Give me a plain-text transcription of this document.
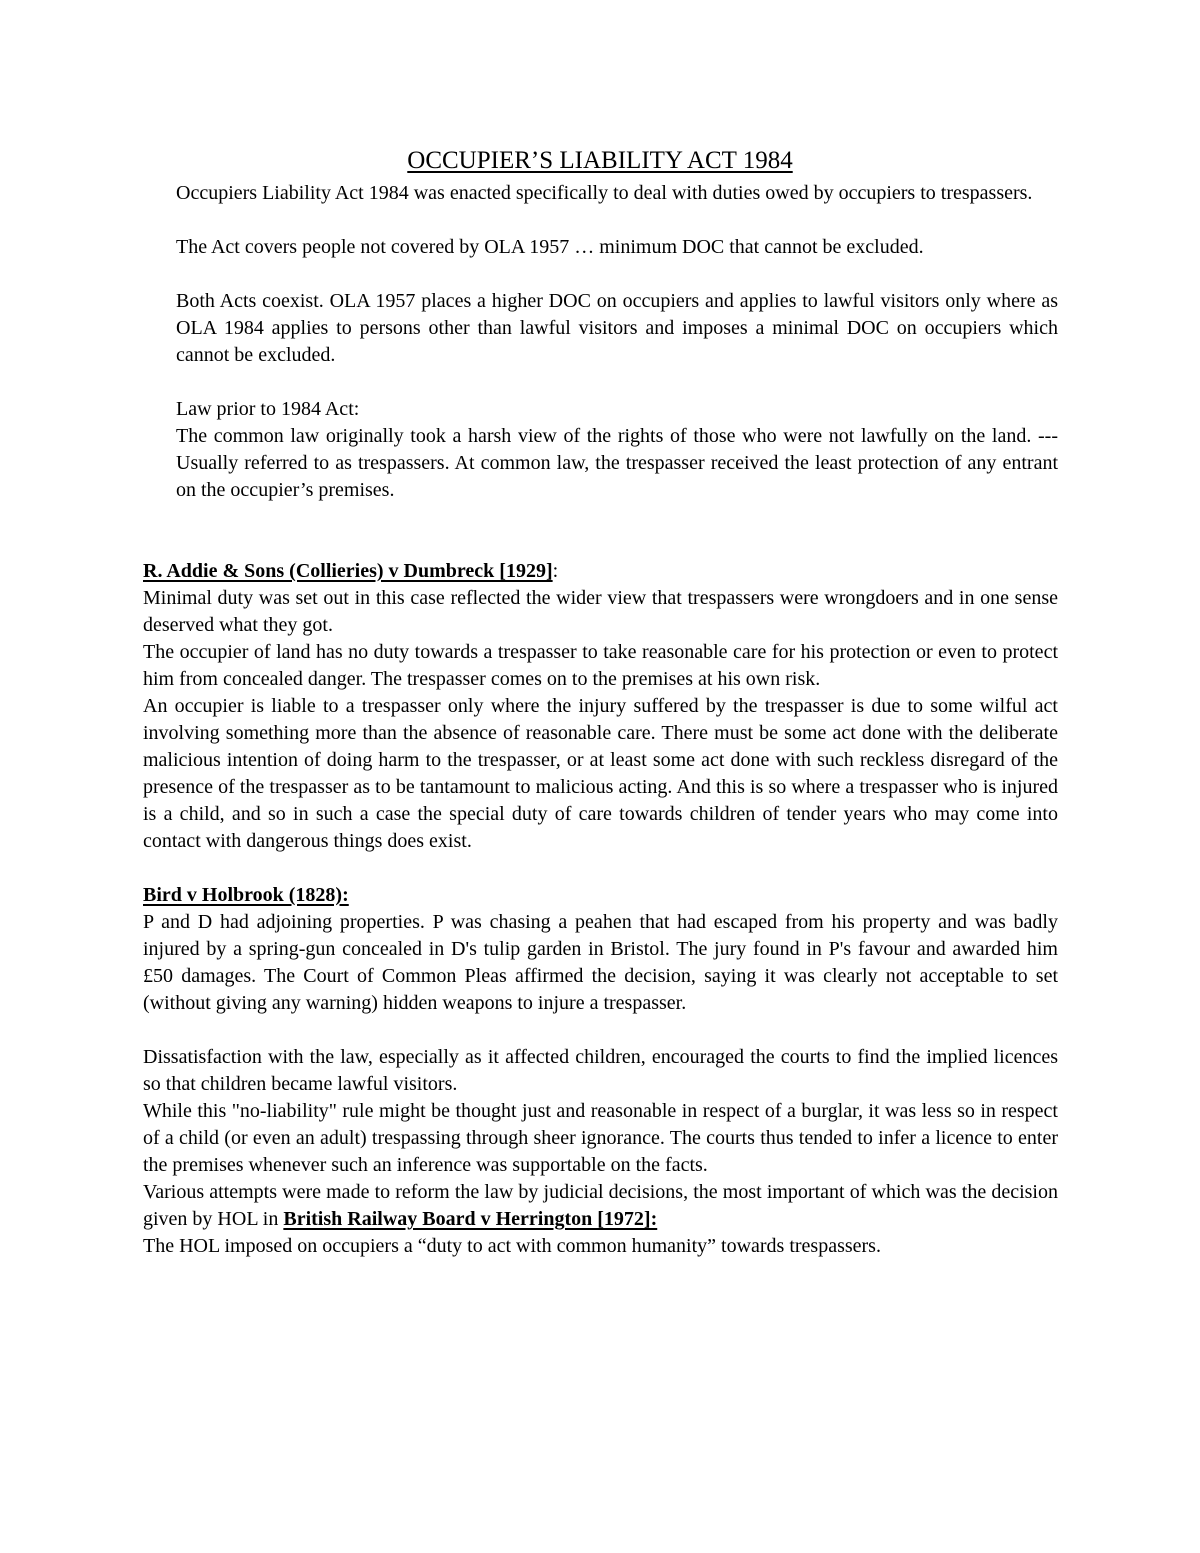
OCCUPIER’S LIABILITY ACT 1984

Occupiers Liability Act 1984 was enacted specifically to deal with duties owed by occupiers to trespassers.

The Act covers people not covered by OLA 1957 … minimum DOC that cannot be excluded.

Both Acts coexist. OLA 1957 places a higher DOC on occupiers and applies to lawful visitors only where as OLA 1984 applies to persons other than lawful visitors and imposes a minimal DOC on occupiers which cannot be excluded.

Law prior to 1984 Act:

The common law originally took a harsh view of the rights of those who were not lawfully on the land. --- Usually referred to as trespassers. At common law, the trespasser received the least protection of any entrant on the occupier’s premises.

R. Addie & Sons (Collieries) v Dumbreck [1929]:

Minimal duty was set out in this case reflected the wider view that trespassers were wrongdoers and in one sense deserved what they got.

The occupier of land has no duty towards a trespasser to take reasonable care for his protection or even to protect him from concealed danger. The trespasser comes on to the premises at his own risk.

An occupier is liable to a trespasser only where the injury suffered by the trespasser is due to some wilful act involving something more than the absence of reasonable care. There must be some act done with the deliberate malicious intention of doing harm to the trespasser, or at least some act done with such reckless disregard of the presence of the trespasser as to be tantamount to malicious acting. And this is so where a trespasser who is injured is a child, and so in such a case the special duty of care towards children of tender years who may come into contact with dangerous things does exist.

Bird v Holbrook (1828):

P and D had adjoining properties. P was chasing a peahen that had escaped from his property and was badly injured by a spring-gun concealed in D's tulip garden in Bristol. The jury found in P's favour and awarded him £50 damages. The Court of Common Pleas affirmed the decision, saying it was clearly not acceptable to set (without giving any warning) hidden weapons to injure a trespasser.

Dissatisfaction with the law, especially as it affected children, encouraged the courts to find the implied licences so that children became lawful visitors.

While this "no-liability" rule might be thought just and reasonable in respect of a burglar, it was less so in respect of a child (or even an adult) trespassing through sheer ignorance. The courts thus tended to infer a licence to enter the premises whenever such an inference was supportable on the facts.

Various attempts were made to reform the law by judicial decisions, the most important of which was the decision given by HOL in British Railway Board v Herrington [1972]:

The HOL imposed on occupiers a “duty to act with common humanity” towards trespassers.
